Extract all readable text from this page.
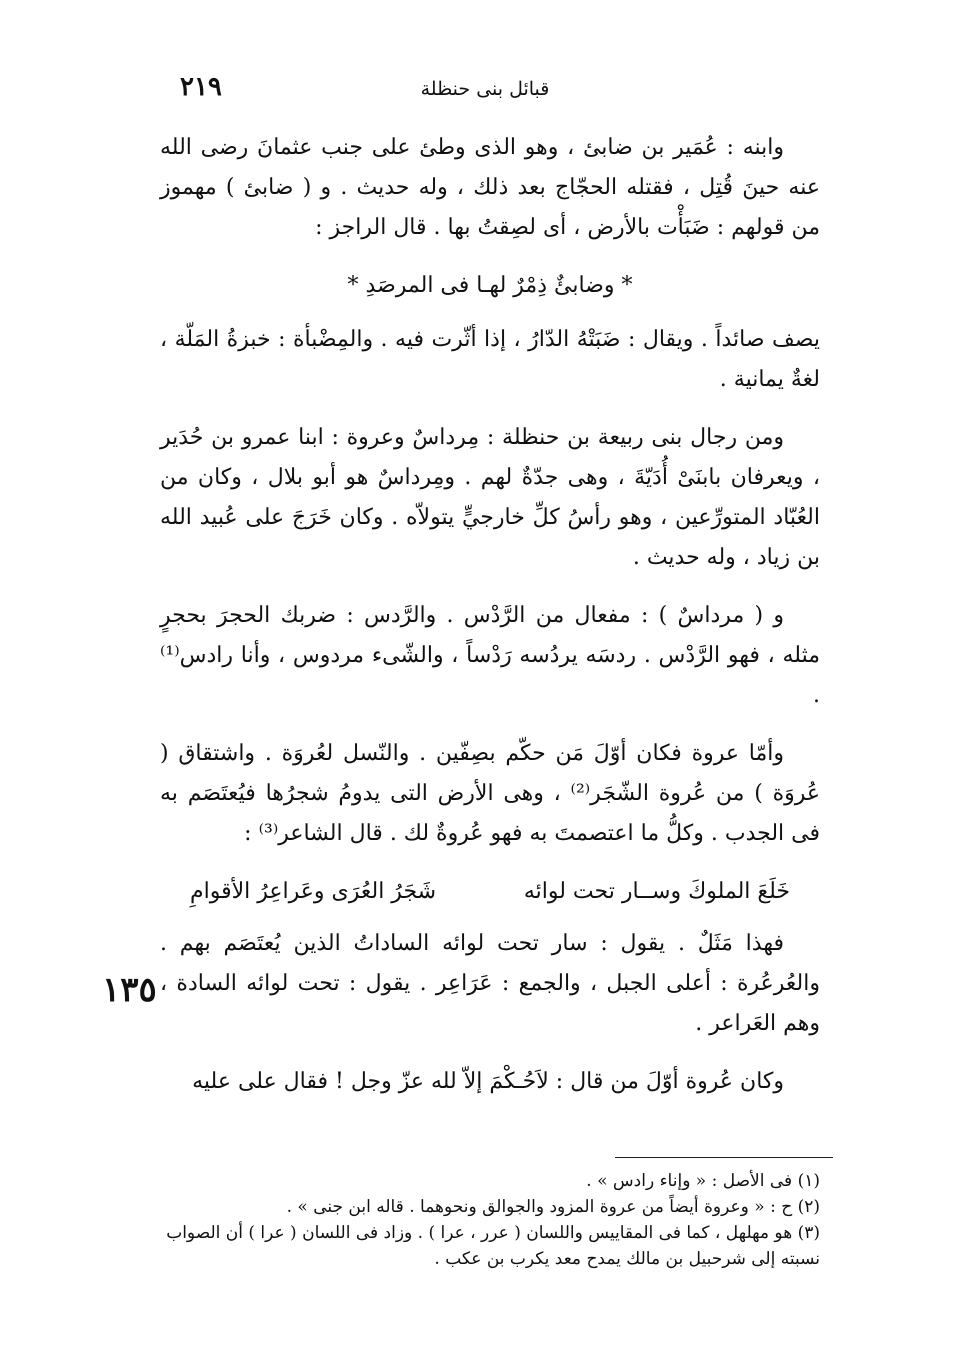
قبائل بنى حنظلة
٢١٩

وابنه : عُمَير بن ضابئ ، وهو الذى وطئ على جنب عثمانَ رضى الله عنه حينَ قُتِل ، فقتله الحجّاج بعد ذلك ، وله حديث . و ( ضابئ ) مهموز من قولهم : ضَبَأْت بالأرض ، أى لصِقتُ بها . قال الراجز :

* وضابئٌ ذِمْرٌ لهـا فى المرصَدِ *

يصف صائداً . ويقال : ضَبَتْهُ الدّارُ ، إذا أثّرت فيه . والمِضْبأة : خبزةُ المَلّة ، لغةٌ يمانية .

ومن رجال بنى ربيعة بن حنظلة : مِرداسٌ وعروة : ابنا عمرو بن حُدَير ، ويعرفان بابنَىْ أُدَيّةَ ، وهى جدّةٌ لهم . ومِرداسٌ هو أبو بلال ، وكان من العُبّاد المتورِّعين ، وهو رأسُ كلِّ خارجيٍّ يتولاّه . وكان خَرَجَ على عُبيد الله بن زياد ، وله حديث .

و ( مرداسٌ ) : مفعال من الرَّدْس . والرَّدس : ضربك الحجرَ بحجرٍ مثله ، فهو الرَّدْس . ردسَه يردُسه رَدْساً ، والشّىء مردوس ، وأنا رادس⁽¹⁾ .

وأمّا عروة فكان أوّلَ مَن حكّم بصِفّين . والنّسل لعُروَة . واشتقاق ( عُروَة ) من عُروة الشّجَر⁽²⁾ ، وهى الأرض التى يدومُ شجرُها فيُعتَصَم به فى الجدب . وكلُّ ما اعتصمتَ به فهو عُروةٌ لك . قال الشاعر⁽³⁾ :

خَلَعَ الملوكَ وســار تحت لوائه
شَجَرُ العُرَى وعَراعِرُ الأقوامِ

فهذا مَثَلٌ . يقول : سار تحت لوائه الساداتُ الذين يُعتَصَم بهم . والعُرعُرة : أعلى الجبل ، والجمع : عَرَاعِر . يقول : تحت لوائه السادة ، وهم العَراعر .

وكان عُروة أوّلَ من قال : لاَحُـكْمَ إلاّ لله عزّ وجل ! فقال على عليه

١٣٥

(١) فى الأصل : « وإناء رادس » .

(٢) ح : « وعروة أيضاً من عروة المزود والجوالق ونحوهما . قاله ابن جنى » .

(٣) هو مهلهل ، كما فى المقاييس واللسان ( عرر ، عرا ) . وزاد فى اللسان ( عرا ) أن الصواب نسبته إلى شرحبيل بن مالك يمدح معد يكرب بن عكب .
